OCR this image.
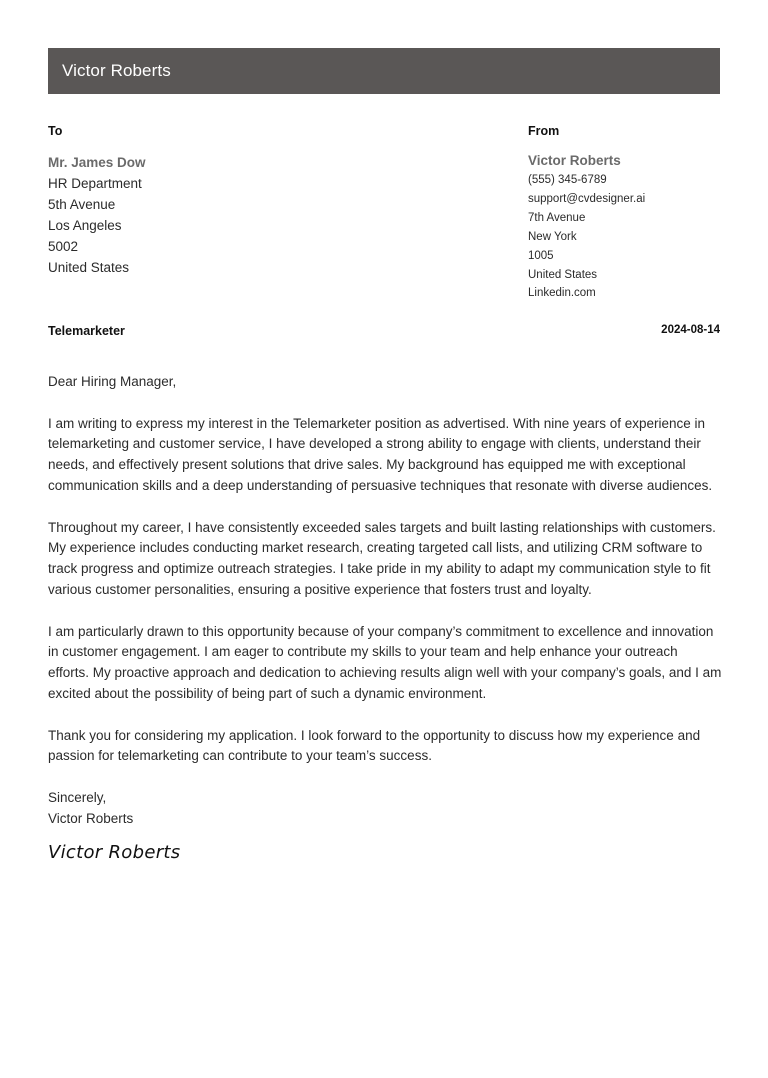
Victor Roberts
To	From
Mr. James Dow
HR Department
5th Avenue
Los Angeles
5002
United States
Victor Roberts
(555) 345-6789
support@cvdesigner.ai
7th Avenue
New York
1005
United States
Linkedin.com
Telemarketer	2024-08-14

Dear Hiring Manager,

I am writing to express my interest in the Telemarketer position as advertised. With nine years of experience in telemarketing and customer service, I have developed a strong ability to engage with clients, understand their needs, and effectively present solutions that drive sales. My background has equipped me with exceptional communication skills and a deep understanding of persuasive techniques that resonate with diverse audiences.

Throughout my career, I have consistently exceeded sales targets and built lasting relationships with customers. My experience includes conducting market research, creating targeted call lists, and utilizing CRM software to track progress and optimize outreach strategies. I take pride in my ability to adapt my communication style to fit various customer personalities, ensuring a positive experience that fosters trust and loyalty.

I am particularly drawn to this opportunity because of your company’s commitment to excellence and innovation in customer engagement. I am eager to contribute my skills to your team and help enhance your outreach efforts. My proactive approach and dedication to achieving results align well with your company’s goals, and I am excited about the possibility of being part of such a dynamic environment.

Thank you for considering my application. I look forward to the opportunity to discuss how my experience and passion for telemarketing can contribute to your team’s success.

Sincerely,
Victor Roberts

Victor Roberts
